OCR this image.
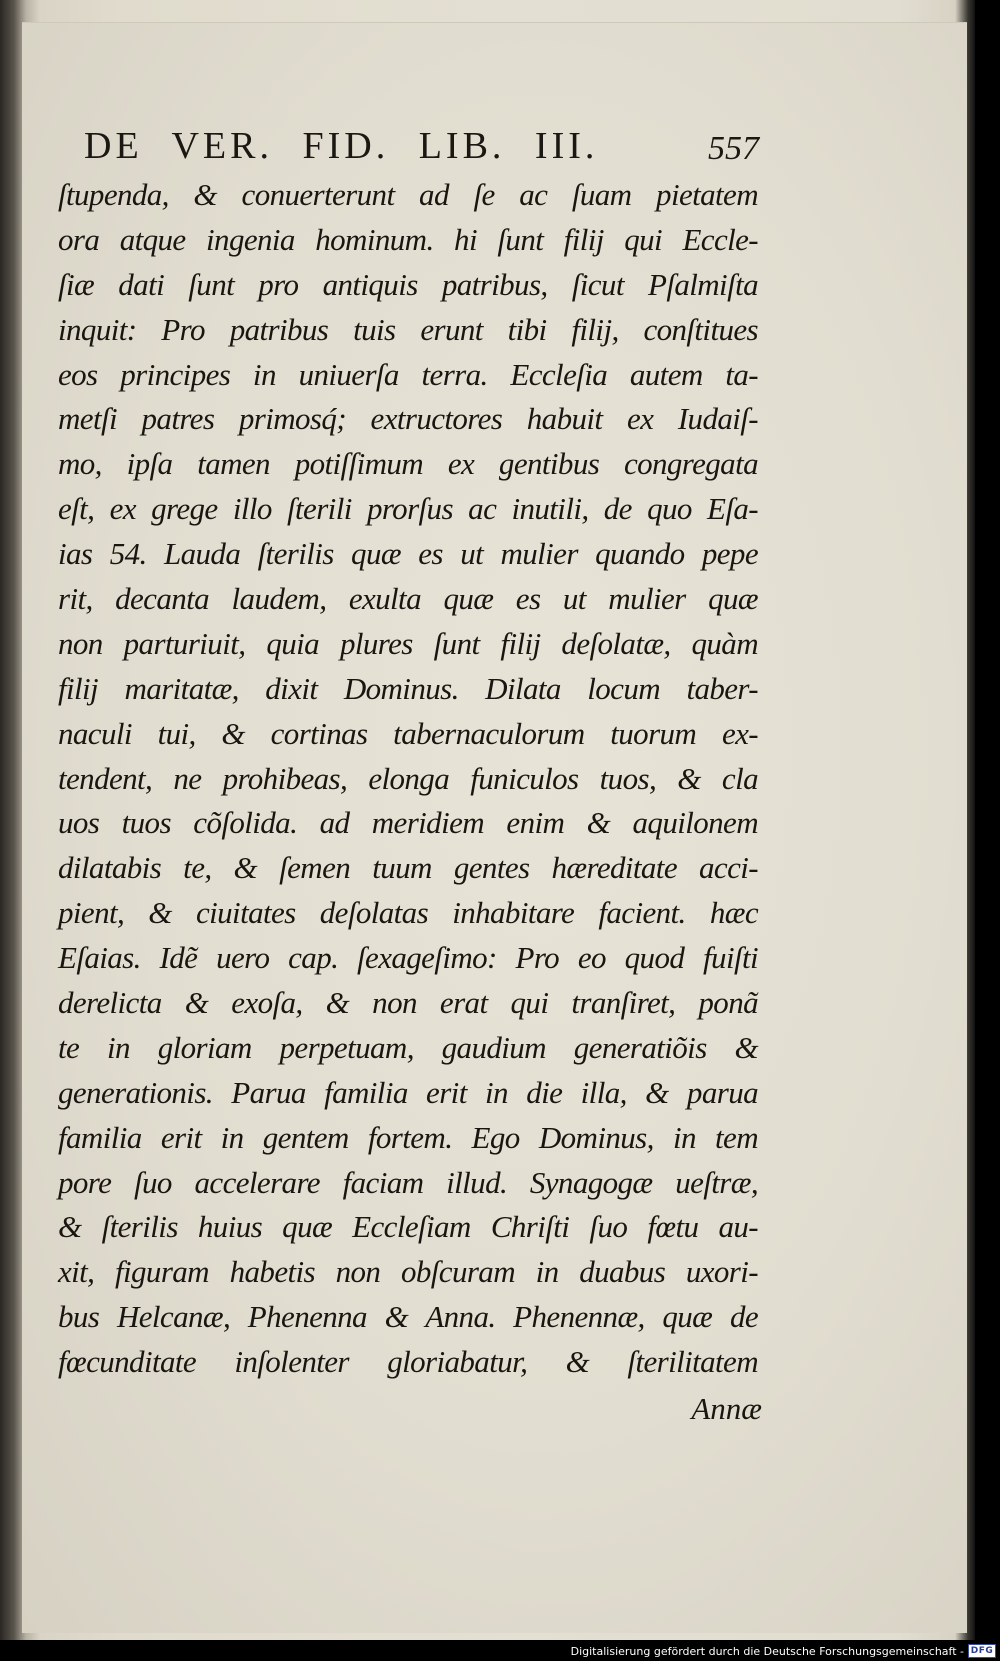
DE VER. FID. LIB. III.	557
ſtupenda, & conuerterunt ad ſe ac ſuam pietatem
ora atque ingenia hominum. hi ſunt filij qui Eccle-
ſiæ dati ſunt pro antiquis patribus, ſicut Pſalmiſta
inquit: Pro patribus tuis erunt tibi filij, conſtitues
eos principes in uniuerſa terra. Eccleſia autem ta-
metſi patres primosq́; extructores habuit ex Iudaiſ-
mo, ipſa tamen potiſſimum ex gentibus congregata
eſt, ex grege illo ſterili prorſus ac inutili, de quo Eſa-
ias 54. Lauda ſterilis quæ es ut mulier quando pepe
rit, decanta laudem, exulta quæ es ut mulier quæ
non parturiuit, quia plures ſunt filij deſolatæ, quàm
filij maritatæ, dixit Dominus. Dilata locum taber-
naculi tui, & cortinas tabernaculorum tuorum ex-
tendent, ne prohibeas, elonga funiculos tuos, & cla
uos tuos cõſolida. ad meridiem enim & aquilonem
dilatabis te, & ſemen tuum gentes hæreditate acci-
pient, & ciuitates deſolatas inhabitare facient. hæc
Eſaias. Idẽ uero cap. ſexageſimo: Pro eo quod fuiſti
derelicta & exoſa, & non erat qui tranſiret, ponã
te in gloriam perpetuam, gaudium generatiõis &
generationis. Parua familia erit in die illa, & parua
familia erit in gentem fortem. Ego Dominus, in tem
pore ſuo accelerare faciam illud. Synagogæ ueſtræ,
& ſterilis huius quæ Eccleſiam Chriſti ſuo fœtu au-
xit, figuram habetis non obſcuram in duabus uxori-
bus Helcanæ, Phenenna & Anna. Phenennæ, quæ de
fœcunditate inſolenter gloriabatur, & ſterilitatem
Annæ
Digitalisierung gefördert durch die Deutsche Forschungsgemeinschaft - DFG
